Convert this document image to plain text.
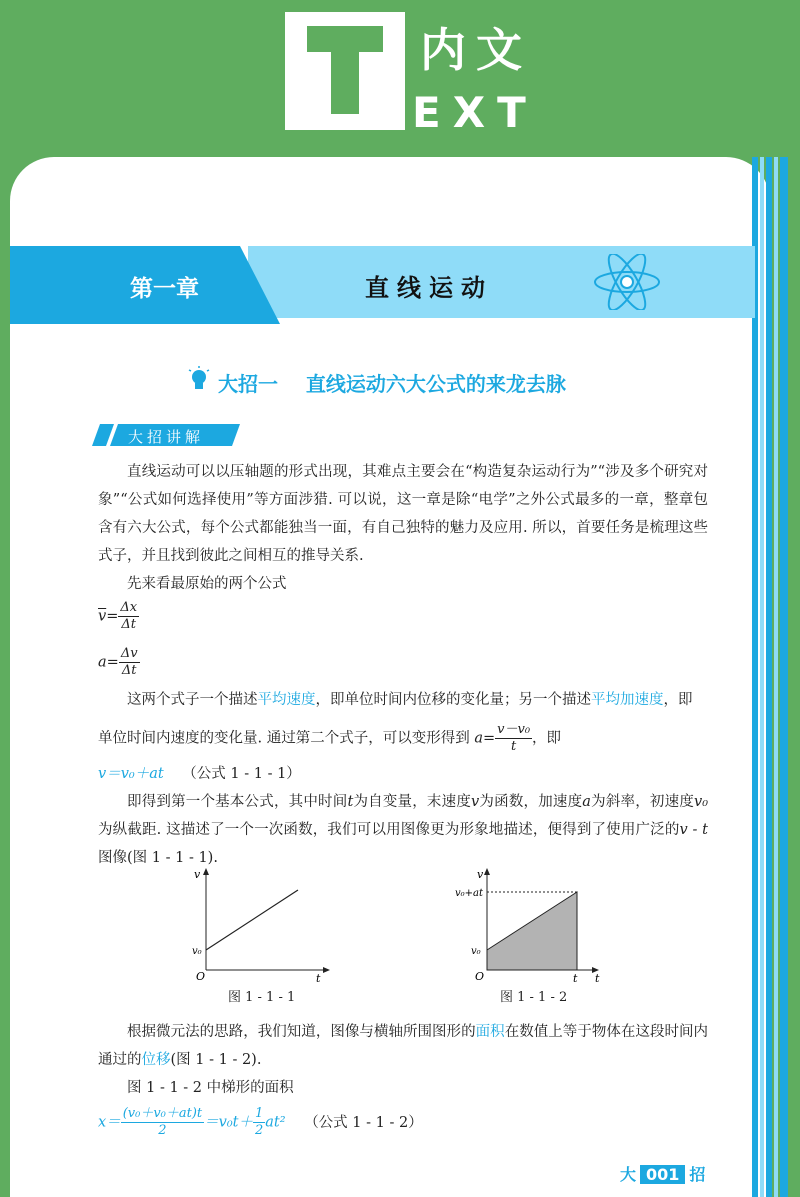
内文
EXT
第一章	直线运动
大招一    直线运动六大公式的来龙去脉
大招讲解
直线运动可以以压轴题的形式出现，其难点主要会在“构造复杂运动行为”“涉及多个研究对象”“公式如何选择使用”等方面涉猎. 可以说，这一章是除“电学”之外公式最多的一章，整章包含有六大公式，每个公式都能独当一面，有自己独特的魅力及应用. 所以，首要任务是梳理这些式子，并且找到彼此之间相互的推导关系.
先来看最原始的两个公式
$\overline{v}= \frac{\Delta x}{\Delta t}$
$a= \frac{\Delta v}{\Delta t}$
这两个式子一个描述平均速度，即单位时间内位移的变化量；另一个描述平均加速度，即
单位时间内速度的变化量. 通过第二个式子，可以变形得到 $a= \frac{\text{v－v₀}}{t}$ ，即
v＝v₀＋at （公式 1 - 1 - 1）
即得到第一个基本公式，其中时间t为自变量，末速度v为函数，加速度a为斜率，初速度v₀为纵截距. 这描述了一个一次函数，我们可以用图像更为形象地描述，便得到了使用广泛的v - t图像(图 1 - 1 - 1).
v
t
O
v₀
图 1 - 1 - 1
v
t
O
v₀
v₀+at
t
图 1 - 1 - 2
根据微元法的思路，我们知道，图像与横轴所围图形的面积在数值上等于物体在这段时间内通过的位移(图 1 - 1 - 2).
图 1 - 1 - 2 中梯形的面积
$x= \frac{\text{(v₀＋v₀＋at)t}}{2} =v_0t+ \frac{1}{2} at^2$ （公式 1 - 1 - 2）
大 001 招
